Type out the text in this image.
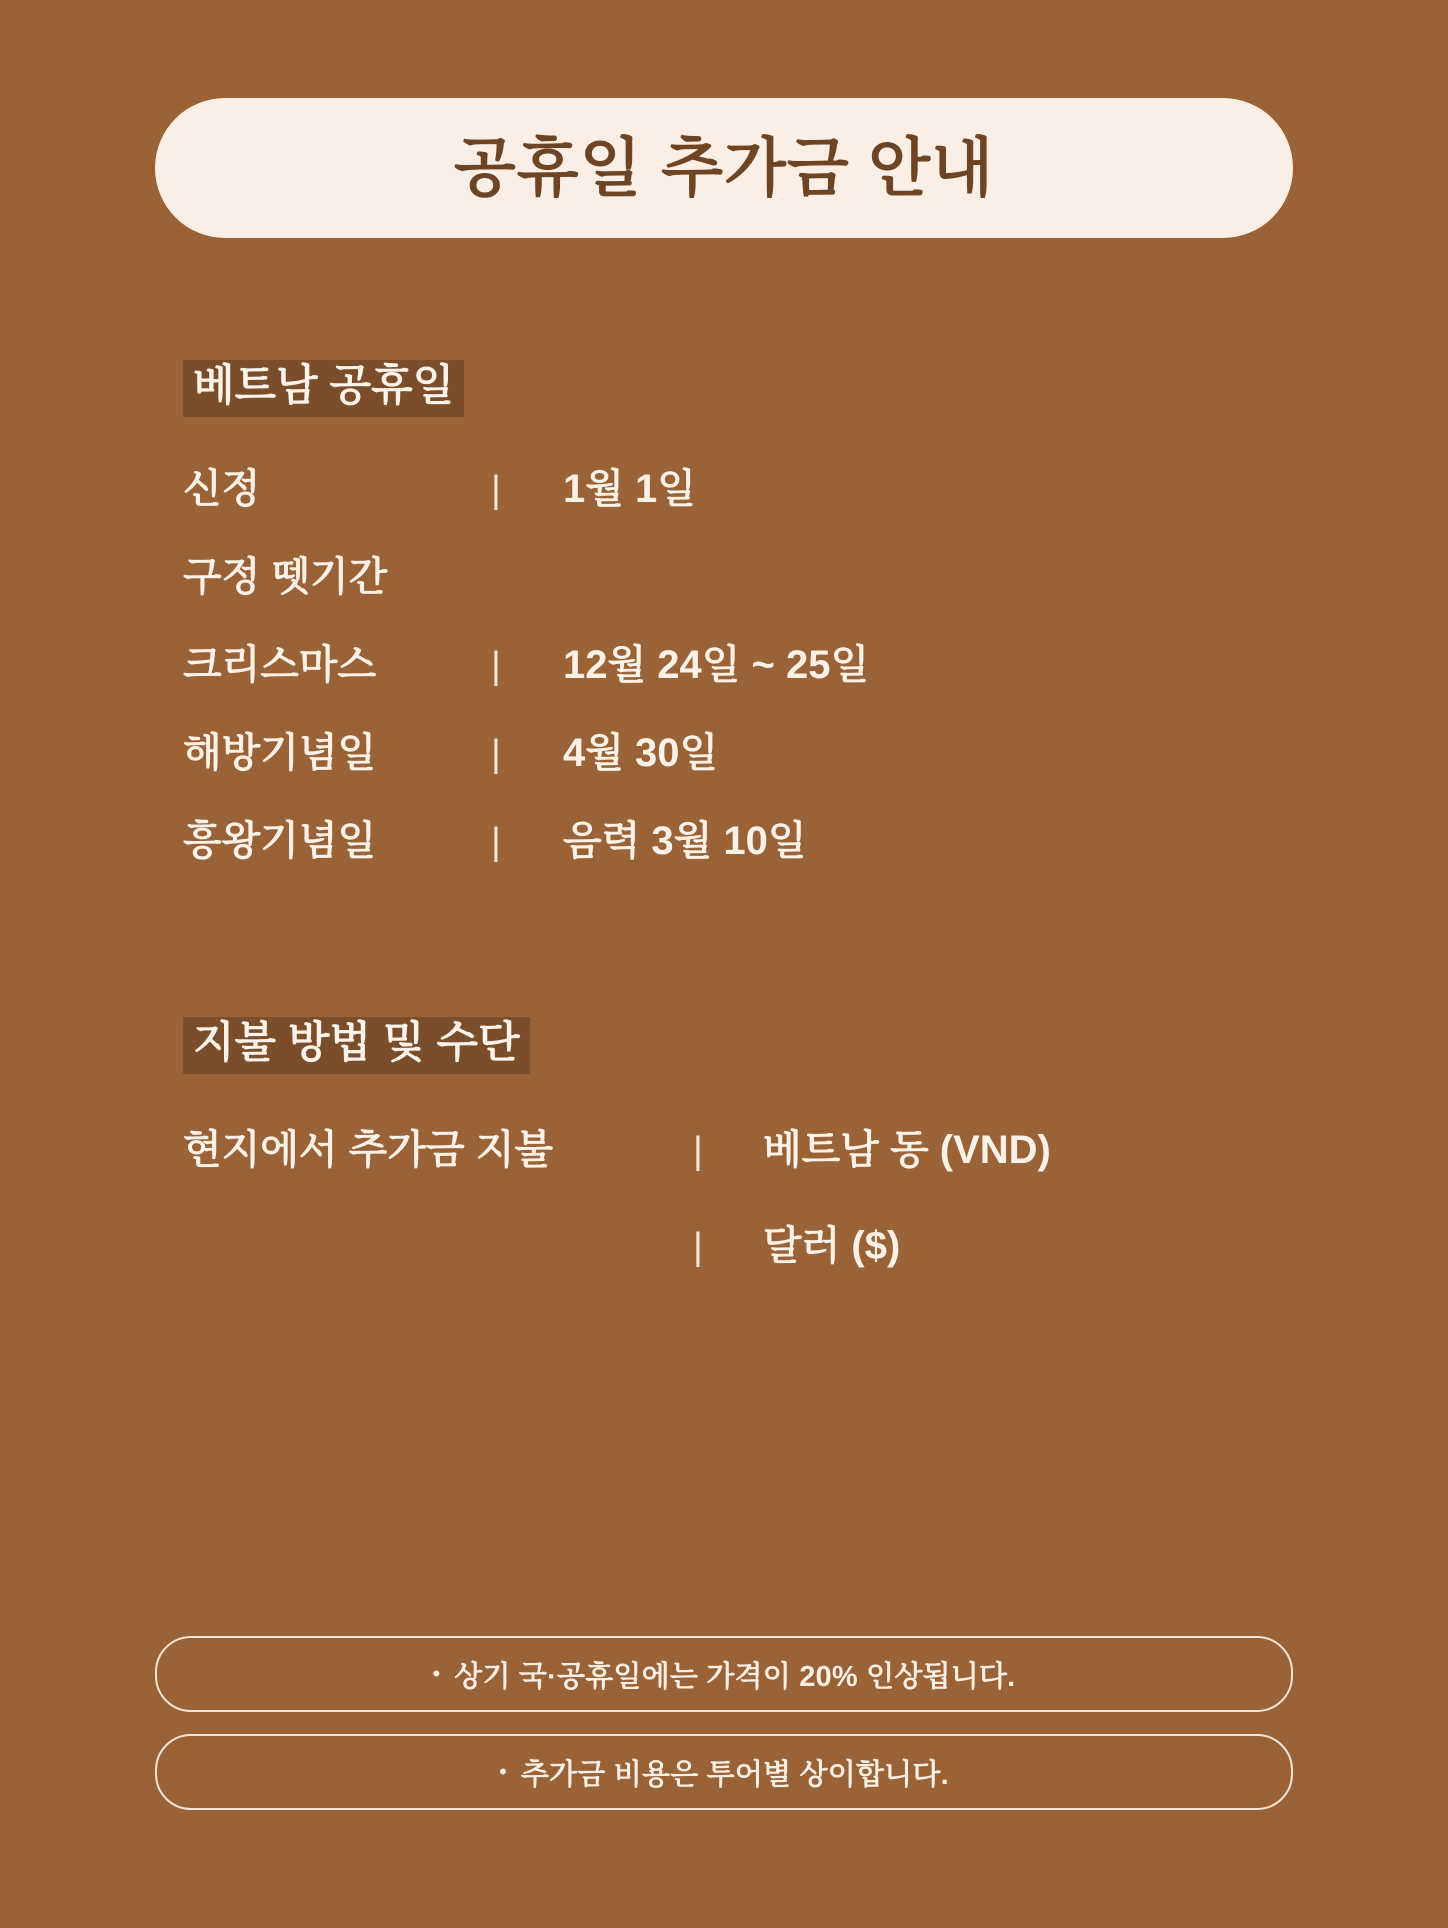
공휴일 추가금 안내
베트남 공휴일
신정	|	1월 1일
구정 뗏기간
크리스마스	|	12월 24일 ~ 25일
해방기념일	|	4월 30일
흥왕기념일	|	음력 3월 10일
지불 방법 및 수단
현지에서 추가금 지불	|	베트남 동 (VND)
|	달러 ($)
• 상기 국·공휴일에는 가격이 20% 인상됩니다.
• 추가금 비용은 투어별 상이합니다.
